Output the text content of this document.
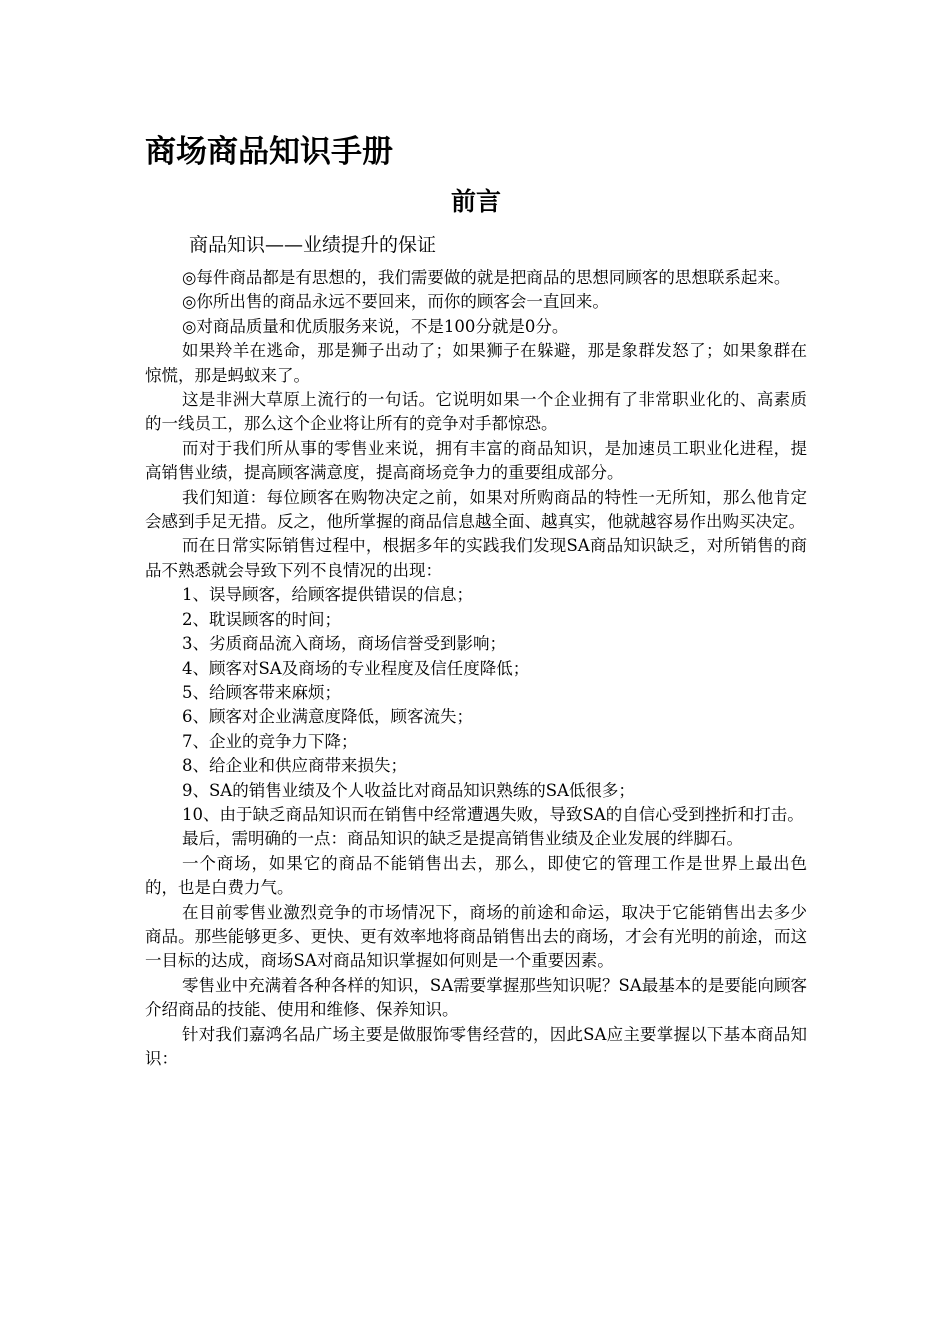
商场商品知识手册
前言
商品知识——业绩提升的保证

◎每件商品都是有思想的，我们需要做的就是把商品的思想同顾客的思想联系起来。

◎你所出售的商品永远不要回来，而你的顾客会一直回来。

◎对商品质量和优质服务来说，不是100分就是0分。

如果羚羊在逃命，那是狮子出动了；如果狮子在躲避，那是象群发怒了；如果象群在惊慌，那是蚂蚁来了。

这是非洲大草原上流行的一句话。它说明如果一个企业拥有了非常职业化的、高素质的一线员工，那么这个企业将让所有的竞争对手都惊恐。

而对于我们所从事的零售业来说，拥有丰富的商品知识，是加速员工职业化进程，提高销售业绩，提高顾客满意度，提高商场竞争力的重要组成部分。

我们知道：每位顾客在购物决定之前，如果对所购商品的特性一无所知，那么他肯定会感到手足无措。反之，他所掌握的商品信息越全面、越真实，他就越容易作出购买决定。

而在日常实际销售过程中，根据多年的实践我们发现SA商品知识缺乏，对所销售的商品不熟悉就会导致下列不良情况的出现：

1、误导顾客，给顾客提供错误的信息；

2、耽误顾客的时间；

3、劣质商品流入商场，商场信誉受到影响；

4、顾客对SA及商场的专业程度及信任度降低；

5、给顾客带来麻烦；

6、顾客对企业满意度降低，顾客流失；

7、企业的竞争力下降；

8、给企业和供应商带来损失；

9、SA的销售业绩及个人收益比对商品知识熟练的SA低很多；

10、由于缺乏商品知识而在销售中经常遭遇失败，导致SA的自信心受到挫折和打击。

最后，需明确的一点：商品知识的缺乏是提高销售业绩及企业发展的绊脚石。

一个商场，如果它的商品不能销售出去，那么，即使它的管理工作是世界上最出色的，也是白费力气。

在目前零售业激烈竞争的市场情况下，商场的前途和命运，取决于它能销售出去多少商品。那些能够更多、更快、更有效率地将商品销售出去的商场，才会有光明的前途，而这一目标的达成，商场SA对商品知识掌握如何则是一个重要因素。

零售业中充满着各种各样的知识，SA需要掌握那些知识呢？SA最基本的是要能向顾客介绍商品的技能、使用和维修、保养知识。

针对我们嘉鸿名品广场主要是做服饰零售经营的，因此SA应主要掌握以下基本商品知识：
